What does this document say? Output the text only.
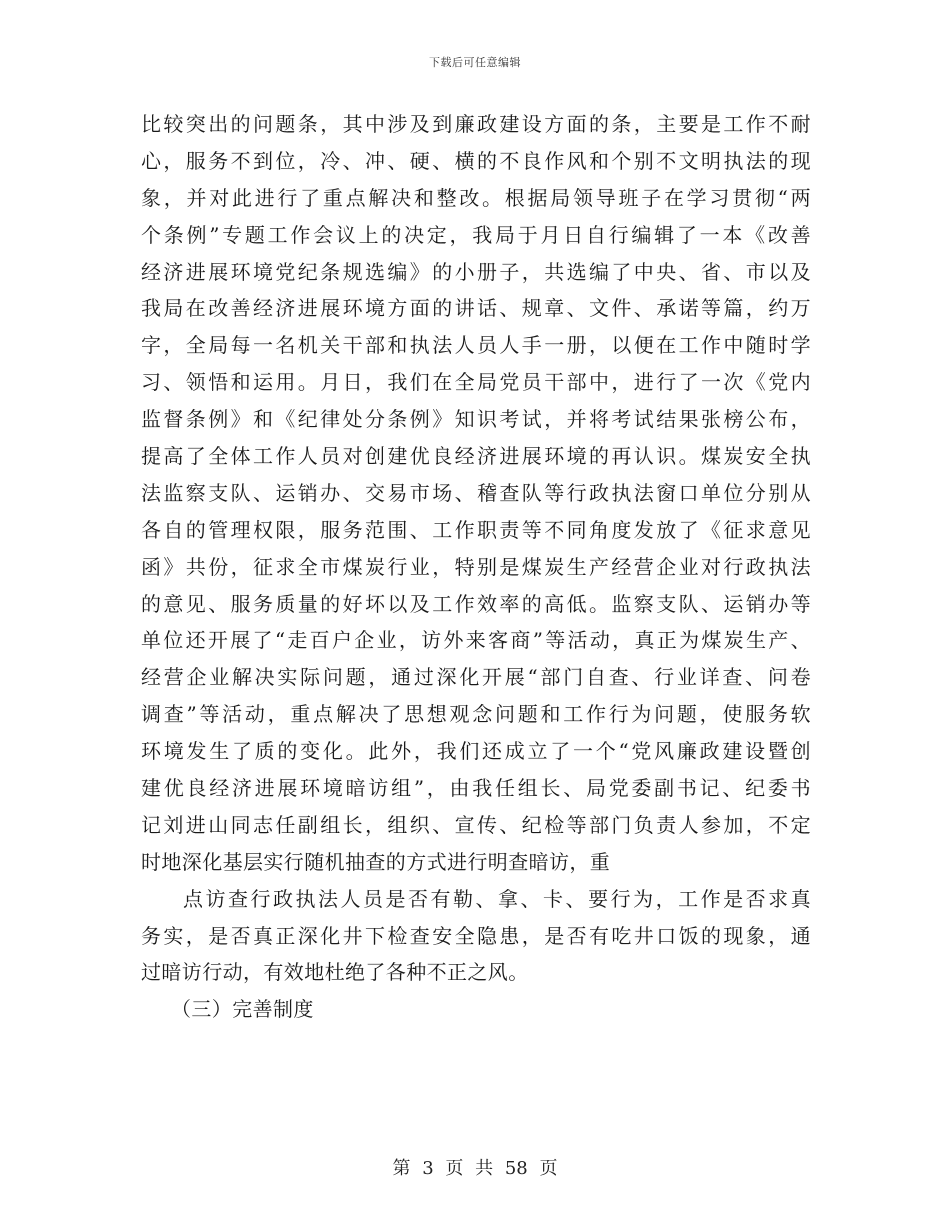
下载后可任意编辑
比较突出的问题条，其中涉及到廉政建设方面的条，主要是工作不耐
心，服务不到位，冷、冲、硬、横的不良作风和个别不文明执法的现
象，并对此进行了重点解决和整改。根据局领导班子在学习贯彻“两
个条例”专题工作会议上的决定，我局于月日自行编辑了一本《改善
经济进展环境党纪条规选编》的小册子，共选编了中央、省、市以及
我局在改善经济进展环境方面的讲话、规章、文件、承诺等篇，约万
字，全局每一名机关干部和执法人员人手一册，以便在工作中随时学
习、领悟和运用。月日，我们在全局党员干部中，进行了一次《党内
监督条例》和《纪律处分条例》知识考试，并将考试结果张榜公布，
提高了全体工作人员对创建优良经济进展环境的再认识。煤炭安全执
法监察支队、运销办、交易市场、稽查队等行政执法窗口单位分别从
各自的管理权限，服务范围、工作职责等不同角度发放了《征求意见
函》共份，征求全市煤炭行业，特别是煤炭生产经营企业对行政执法
的意见、服务质量的好坏以及工作效率的高低。监察支队、运销办等
单位还开展了“走百户企业，访外来客商”等活动，真正为煤炭生产、
经营企业解决实际问题，通过深化开展“部门自查、行业详查、问卷
调查”等活动，重点解决了思想观念问题和工作行为问题，使服务软
环境发生了质的变化。此外，我们还成立了一个“党风廉政建设暨创
建优良经济进展环境暗访组”，由我任组长、局党委副书记、纪委书
记刘进山同志任副组长，组织、宣传、纪检等部门负责人参加，不定
时地深化基层实行随机抽查的方式进行明查暗访，重
点访查行政执法人员是否有勒、拿、卡、要行为，工作是否求真
务实，是否真正深化井下检查安全隐患，是否有吃井口饭的现象，通
过暗访行动，有效地杜绝了各种不正之风。
（三）完善制度
第 3 页 共 58 页
